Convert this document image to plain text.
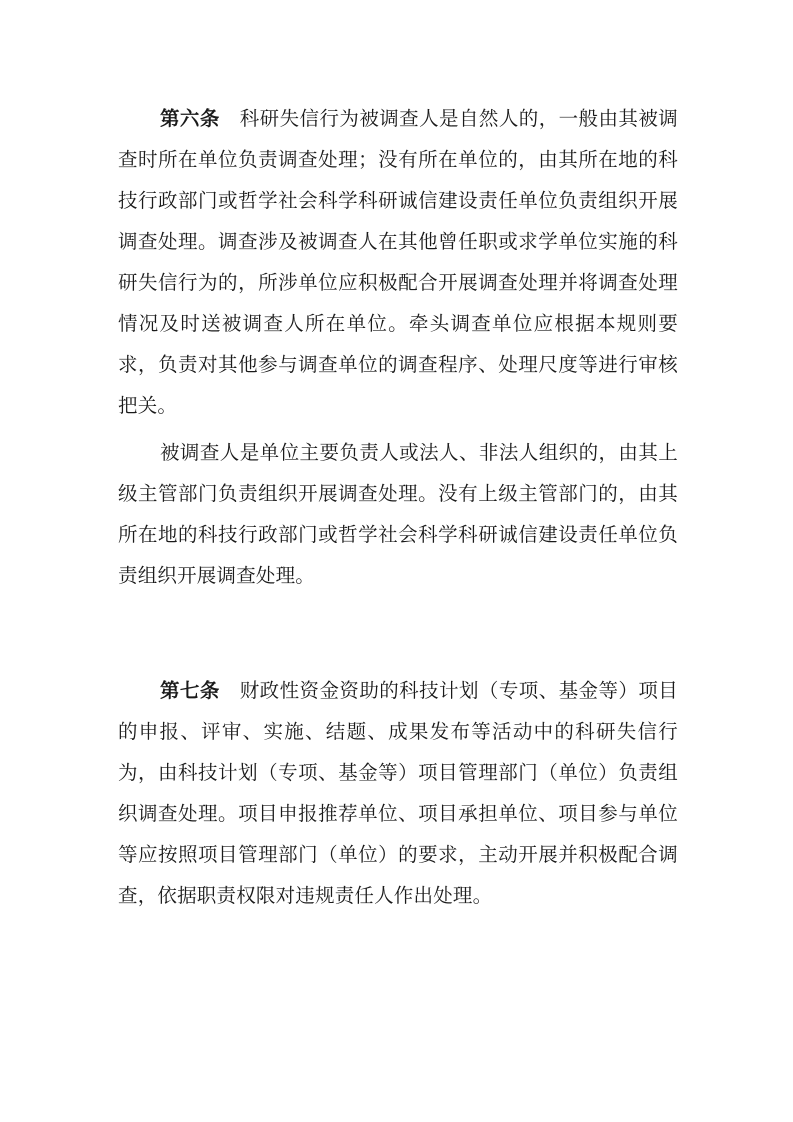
第六条　科研失信行为被调查人是自然人的，一般由其被调查时所在单位负责调查处理；没有所在单位的，由其所在地的科技行政部门或哲学社会科学科研诚信建设责任单位负责组织开展调查处理。调查涉及被调查人在其他曾任职或求学单位实施的科研失信行为的，所涉单位应积极配合开展调查处理并将调查处理情况及时送被调查人所在单位。牵头调查单位应根据本规则要求，负责对其他参与调查单位的调查程序、处理尺度等进行审核把关。

被调查人是单位主要负责人或法人、非法人组织的，由其上级主管部门负责组织开展调查处理。没有上级主管部门的，由其所在地的科技行政部门或哲学社会科学科研诚信建设责任单位负责组织开展调查处理。

第七条　财政性资金资助的科技计划（专项、基金等）项目的申报、评审、实施、结题、成果发布等活动中的科研失信行为，由科技计划（专项、基金等）项目管理部门（单位）负责组织调查处理。项目申报推荐单位、项目承担单位、项目参与单位等应按照项目管理部门（单位）的要求，主动开展并积极配合调查，依据职责权限对违规责任人作出处理。
